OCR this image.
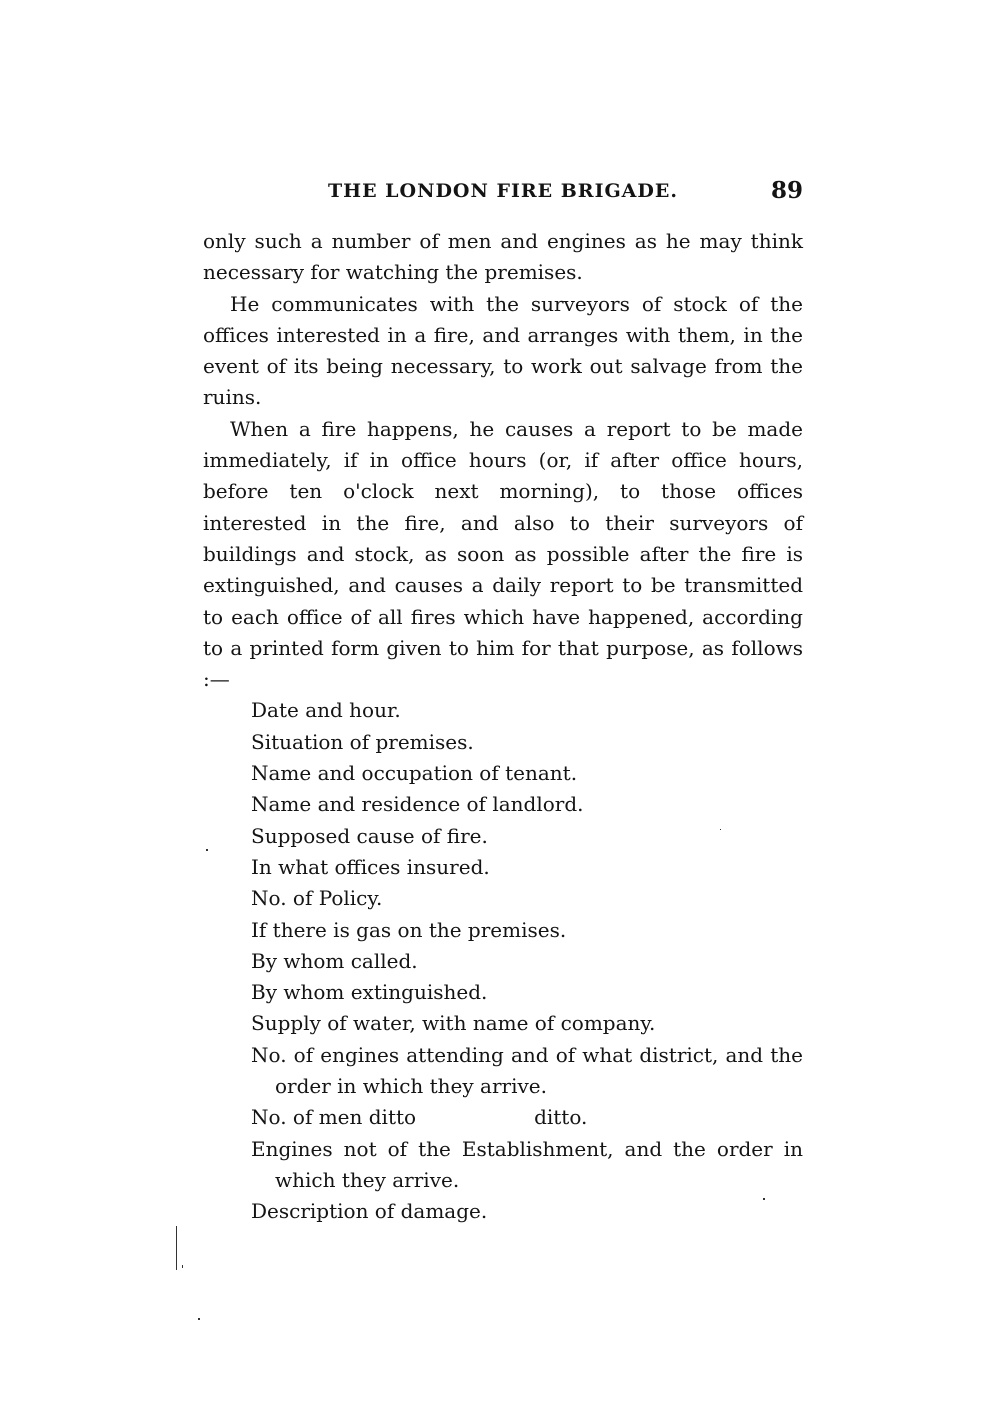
THE LONDON FIRE BRIGADE.	89

only such a number of men and engines as he may think necessary for watching the premises.

He communicates with the surveyors of stock of the offices interested in a fire, and arranges with them, in the event of its being necessary, to work out salvage from the ruins.

When a fire happens, he causes a report to be made immediately, if in office hours (or, if after office hours, before ten o'clock next morning), to those offices interested in the fire, and also to their surveyors of buildings and stock, as soon as possible after the fire is extinguished, and causes a daily report to be transmitted to each office of all fires which have happened, according to a printed form given to him for that purpose, as follows :—

Date and hour.
Situation of premises.
Name and occupation of tenant.
Name and residence of landlord.
Supposed cause of fire.
In what offices insured.
No. of Policy.
If there is gas on the premises.
By whom called.
By whom extinguished.
Supply of water, with name of company.
No. of engines attending and of what district, and the order in which they arrive.
No. of men ditto	ditto.
Engines not of the Establishment, and the order in which they arrive.
Description of damage.
